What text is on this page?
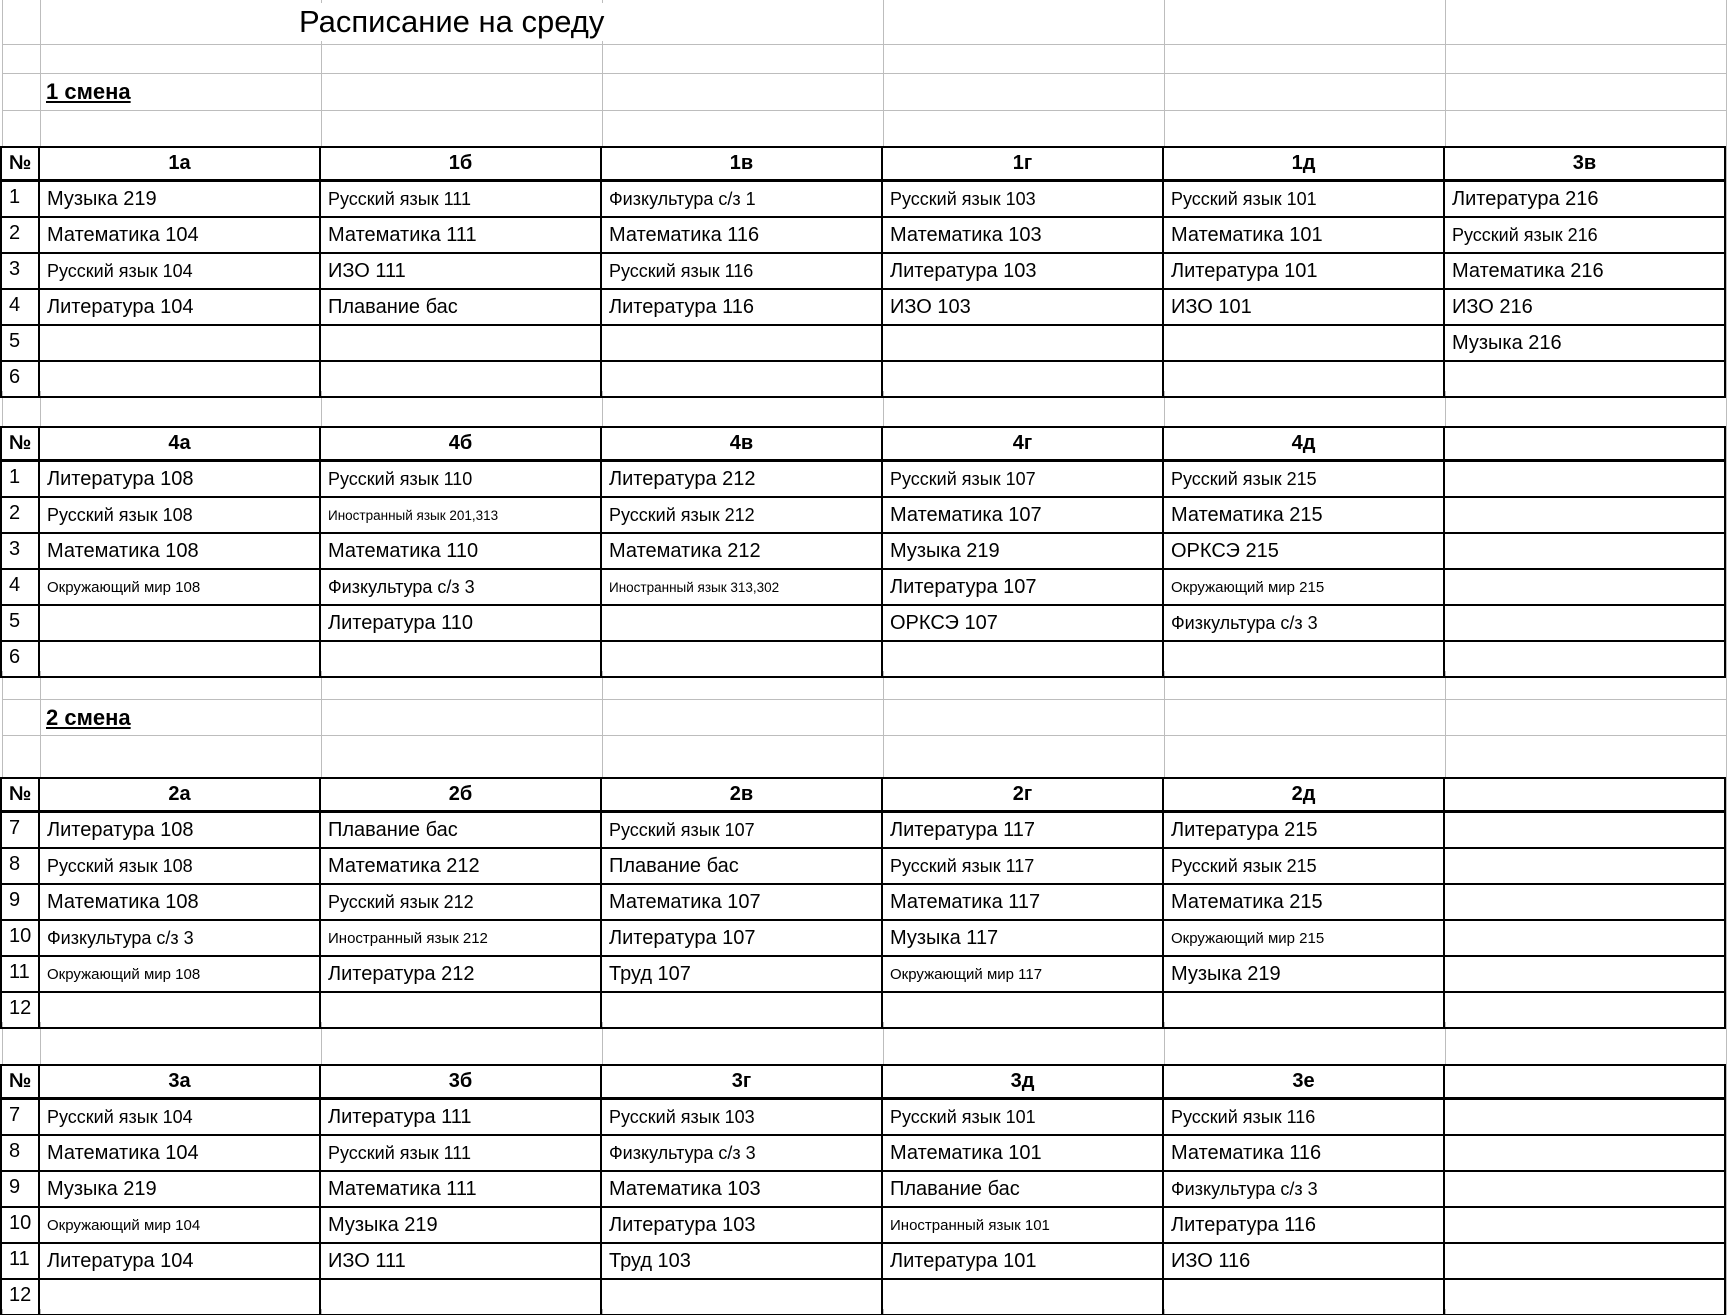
Расписание на среду
1 смена
2 смена
№	1а	1б	1в	1г	1д	3в

1	Музыка 219	Русский язык 111	Физкультура с/з 1	Русский язык 103	Русский язык 101	Литература 216

2	Математика 104	Математика 111	Математика 116	Математика 103	Математика 101	Русский язык 216

3	Русский язык 104	ИЗО 111	Русский язык 116	Литература 103	Литература 101	Математика 216

4	Литература 104	Плавание бас	Литература 116	ИЗО 103	ИЗО 101	ИЗО 216

5						Музыка 216

6						

№	4а	4б	4в	4г	4д	

1	Литература 108	Русский язык 110	Литература 212	Русский язык 107	Русский язык 215	

2	Русский язык 108	Иностранный язык 201,313	Русский язык 212	Математика 107	Математика 215	

3	Математика 108	Математика 110	Математика 212	Музыка 219	ОРКСЭ 215	

4	Окружающий мир 108	Физкультура с/з 3	Иностранный язык 313,302	Литература 107	Окружающий мир 215	

5		Литература 110		ОРКСЭ 107	Физкультура с/з 3	

6						

№	2а	2б	2в	2г	2д	

7	Литература 108	Плавание бас	Русский язык 107	Литература 117	Литература 215	

8	Русский язык 108	Математика 212	Плавание бас	Русский язык 117	Русский язык 215	

9	Математика 108	Русский язык 212	Математика 107	Математика 117	Математика 215	

10	Физкультура с/з 3	Иностранный язык 212	Литература 107	Музыка 117	Окружающий мир 215	

11	Окружающий мир 108	Литература 212	Труд 107	Окружающий мир 117	Музыка 219	

12						

№	3а	3б	3г	3д	3е	

7	Русский язык 104	Литература 111	Русский язык 103	Русский язык 101	Русский язык 116	

8	Математика 104	Русский язык 111	Физкультура с/з 3	Математика 101	Математика 116	

9	Музыка 219	Математика 111	Математика 103	Плавание бас	Физкультура с/з 3	

10	Окружающий мир 104	Музыка 219	Литература 103	Иностранный язык 101	Литература 116	

11	Литература 104	ИЗО 111	Труд 103	Литература 101	ИЗО 116	

12						
